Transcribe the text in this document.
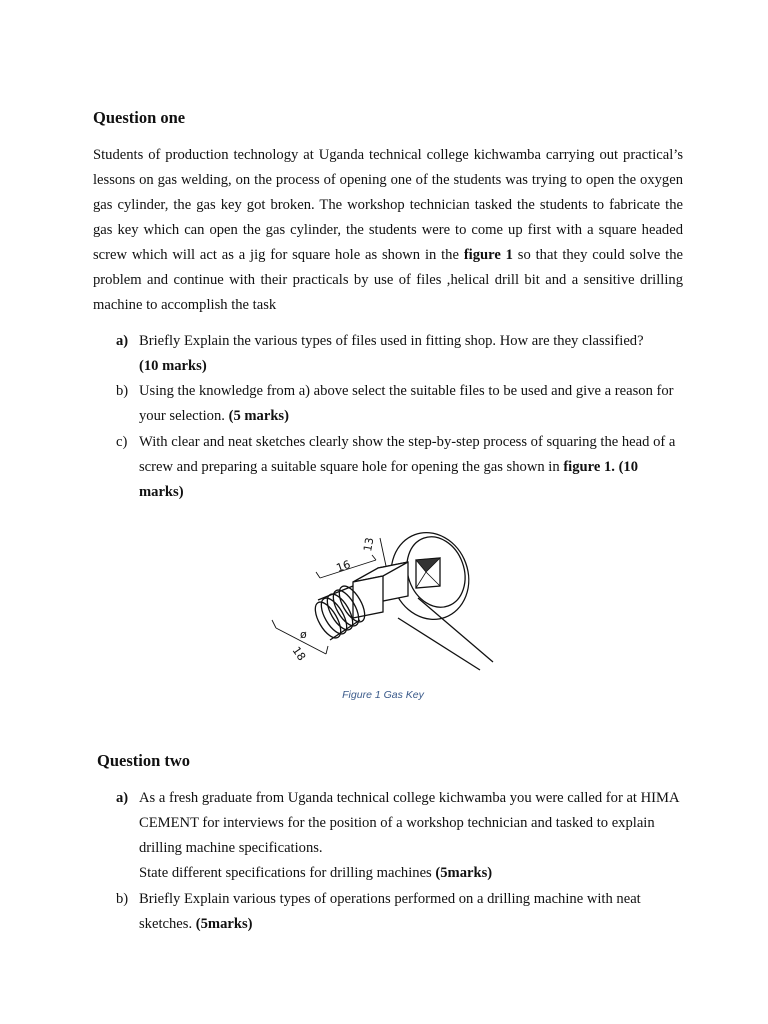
Question one
Students of production technology at Uganda technical college kichwamba carrying out practical’s lessons on gas welding, on the process of opening one of the students was trying to open the oxygen gas cylinder, the gas key got broken. The workshop technician tasked the students to fabricate the gas key which can open the gas cylinder, the students were to come up first with a square headed screw which will act as a jig for square hole as shown in the figure 1 so that they could solve the problem and continue with their practicals by use of files ,helical drill bit and a sensitive drilling machine to accomplish the task
a) Briefly Explain the various types of files used in fitting shop. How are they classified?
(10 marks)
b) Using the knowledge from a) above select the suitable files to be used and give a reason for your selection. (5 marks)
c) With clear and neat sketches clearly show the step-by-step process of squaring the head of a screw and preparing a suitable square hole for opening the gas shown in figure 1. (10 marks)
16
13
18
ø
Figure 1 Gas Key
Question two
a) As a fresh graduate from Uganda technical college kichwamba you were called for at HIMA CEMENT for interviews for the position of a workshop technician and tasked to explain drilling machine specifications.
State different specifications for drilling machines (5marks)
b) Briefly Explain various types of operations performed on a drilling machine with neat sketches. (5marks)
